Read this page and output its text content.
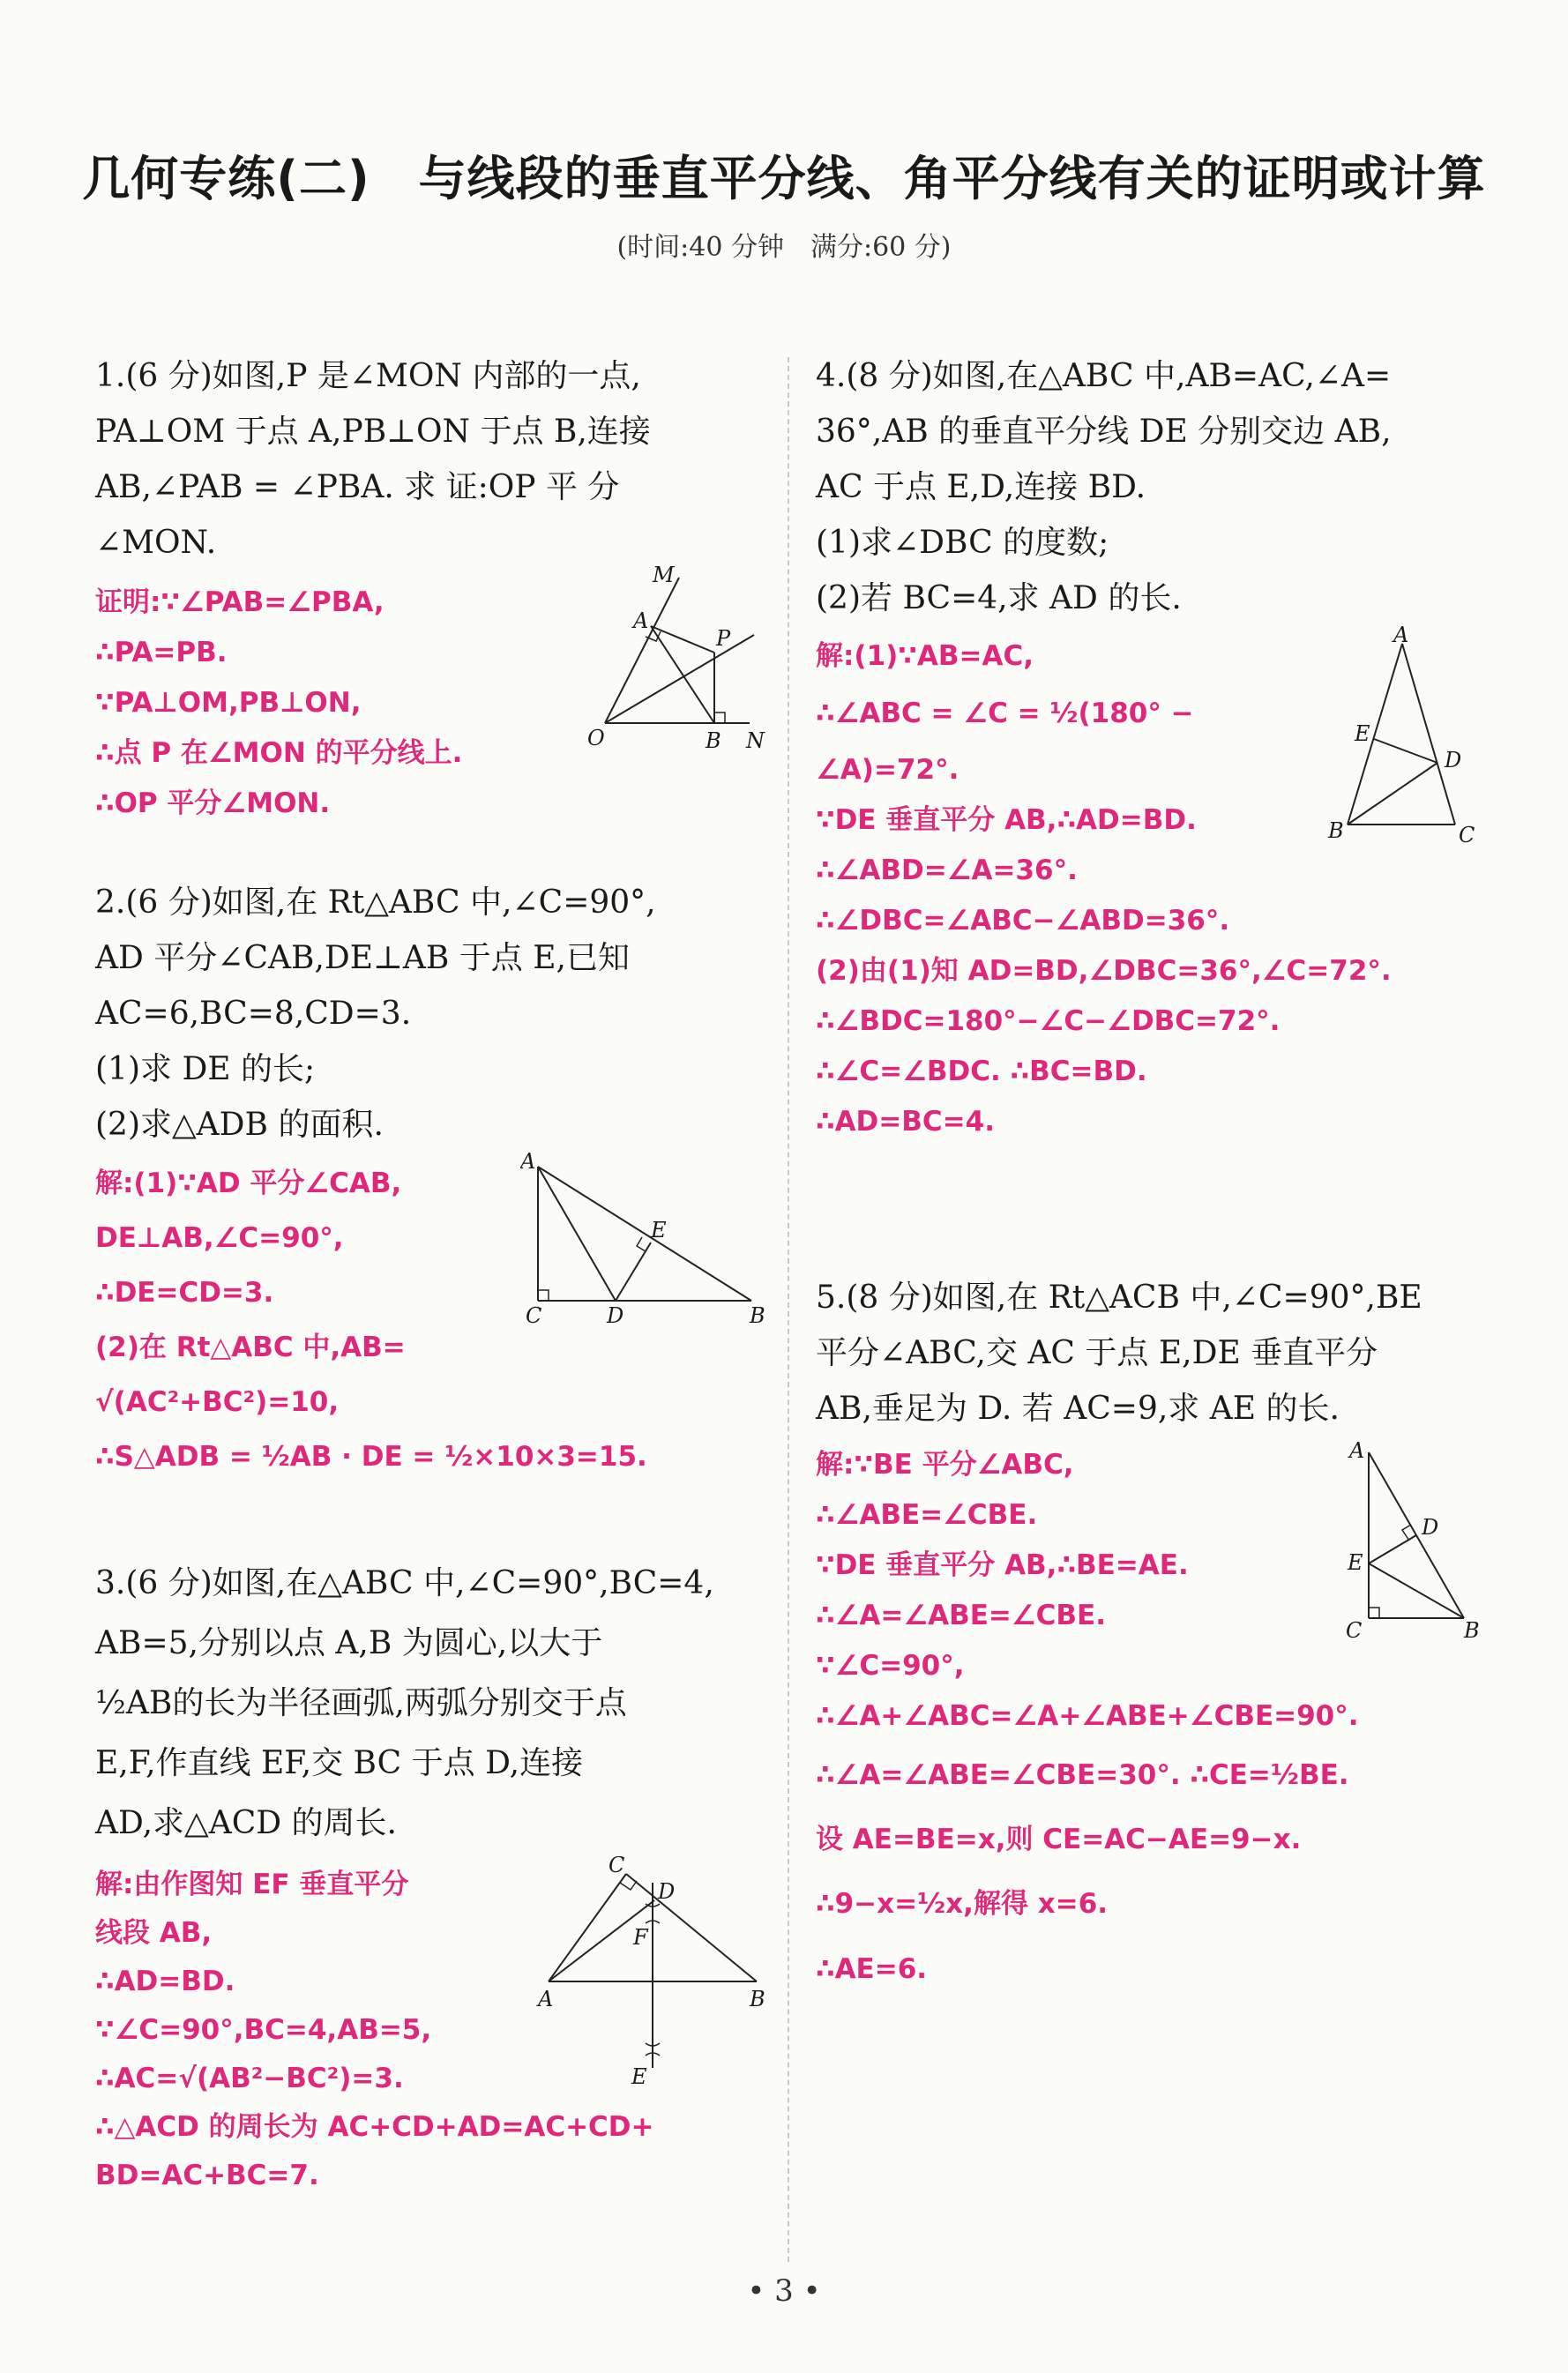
几何专练(二)　与线段的垂直平分线、角平分线有关的证明或计算
(时间:40 分钟　满分:60 分)
1.(6 分)如图,P 是∠MON 内部的一点,
PA⊥OM 于点 A,PB⊥ON 于点 B,连接
AB,∠PAB = ∠PBA. 求 证:OP 平 分
∠MON.
证明:∵∠PAB=∠PBA,
∴PA=PB.
∵PA⊥OM,PB⊥ON,
∴点 P 在∠MON 的平分线上.
∴OP 平分∠MON.
M
A
P
O	B N
2.(6 分)如图,在 Rt△ABC 中,∠C=90°,
AD 平分∠CAB,DE⊥AB 于点 E,已知
AC=6,BC=8,CD=3.
(1)求 DE 的长;
(2)求△ADB 的面积.
解:(1)∵AD 平分∠CAB,
DE⊥AB,∠C=90°,
∴DE=CD=3.
(2)在 Rt△ABC 中,AB=
√(AC²+BC²)=10,
∴S△ADB = ½AB · DE = ½×10×3=15.
A
E
C	D	B
3.(6 分)如图,在△ABC 中,∠C=90°,BC=4,
AB=5,分别以点 A,B 为圆心,以大于
½AB的长为半径画弧,两弧分别交于点
E,F,作直线 EF,交 BC 于点 D,连接
AD,求△ACD 的周长.
解:由作图知 EF 垂直平分
线段 AB,
∴AD=BD.
∵∠C=90°,BC=4,AB=5,
∴AC=√(AB²−BC²)=3.
∴△ACD 的周长为 AC+CD+AD=AC+CD+
BD=AC+BC=7.
C
D
F
A	B
E
4.(8 分)如图,在△ABC 中,AB=AC,∠A=
36°,AB 的垂直平分线 DE 分别交边 AB,
AC 于点 E,D,连接 BD.
(1)求∠DBC 的度数;
(2)若 BC=4,求 AD 的长.
解:(1)∵AB=AC,
∴∠ABC = ∠C = ½(180° −
∠A)=72°.
∵DE 垂直平分 AB,∴AD=BD.
∴∠ABD=∠A=36°.
∴∠DBC=∠ABC−∠ABD=36°.
(2)由(1)知 AD=BD,∠DBC=36°,∠C=72°.
∴∠BDC=180°−∠C−∠DBC=72°.
∴∠C=∠BDC. ∴BC=BD.
∴AD=BC=4.
A
E
D
B	C
5.(8 分)如图,在 Rt△ACB 中,∠C=90°,BE
平分∠ABC,交 AC 于点 E,DE 垂直平分
AB,垂足为 D. 若 AC=9,求 AE 的长.
解:∵BE 平分∠ABC,
∴∠ABE=∠CBE.
∵DE 垂直平分 AB,∴BE=AE.
∴∠A=∠ABE=∠CBE.
∵∠C=90°,
∴∠A+∠ABC=∠A+∠ABE+∠CBE=90°.
∴∠A=∠ABE=∠CBE=30°. ∴CE=½BE.
设 AE=BE=x,则 CE=AC−AE=9−x.
∴9−x=½x,解得 x=6.
∴AE=6.
A
D
E
C	B
• 3 •
